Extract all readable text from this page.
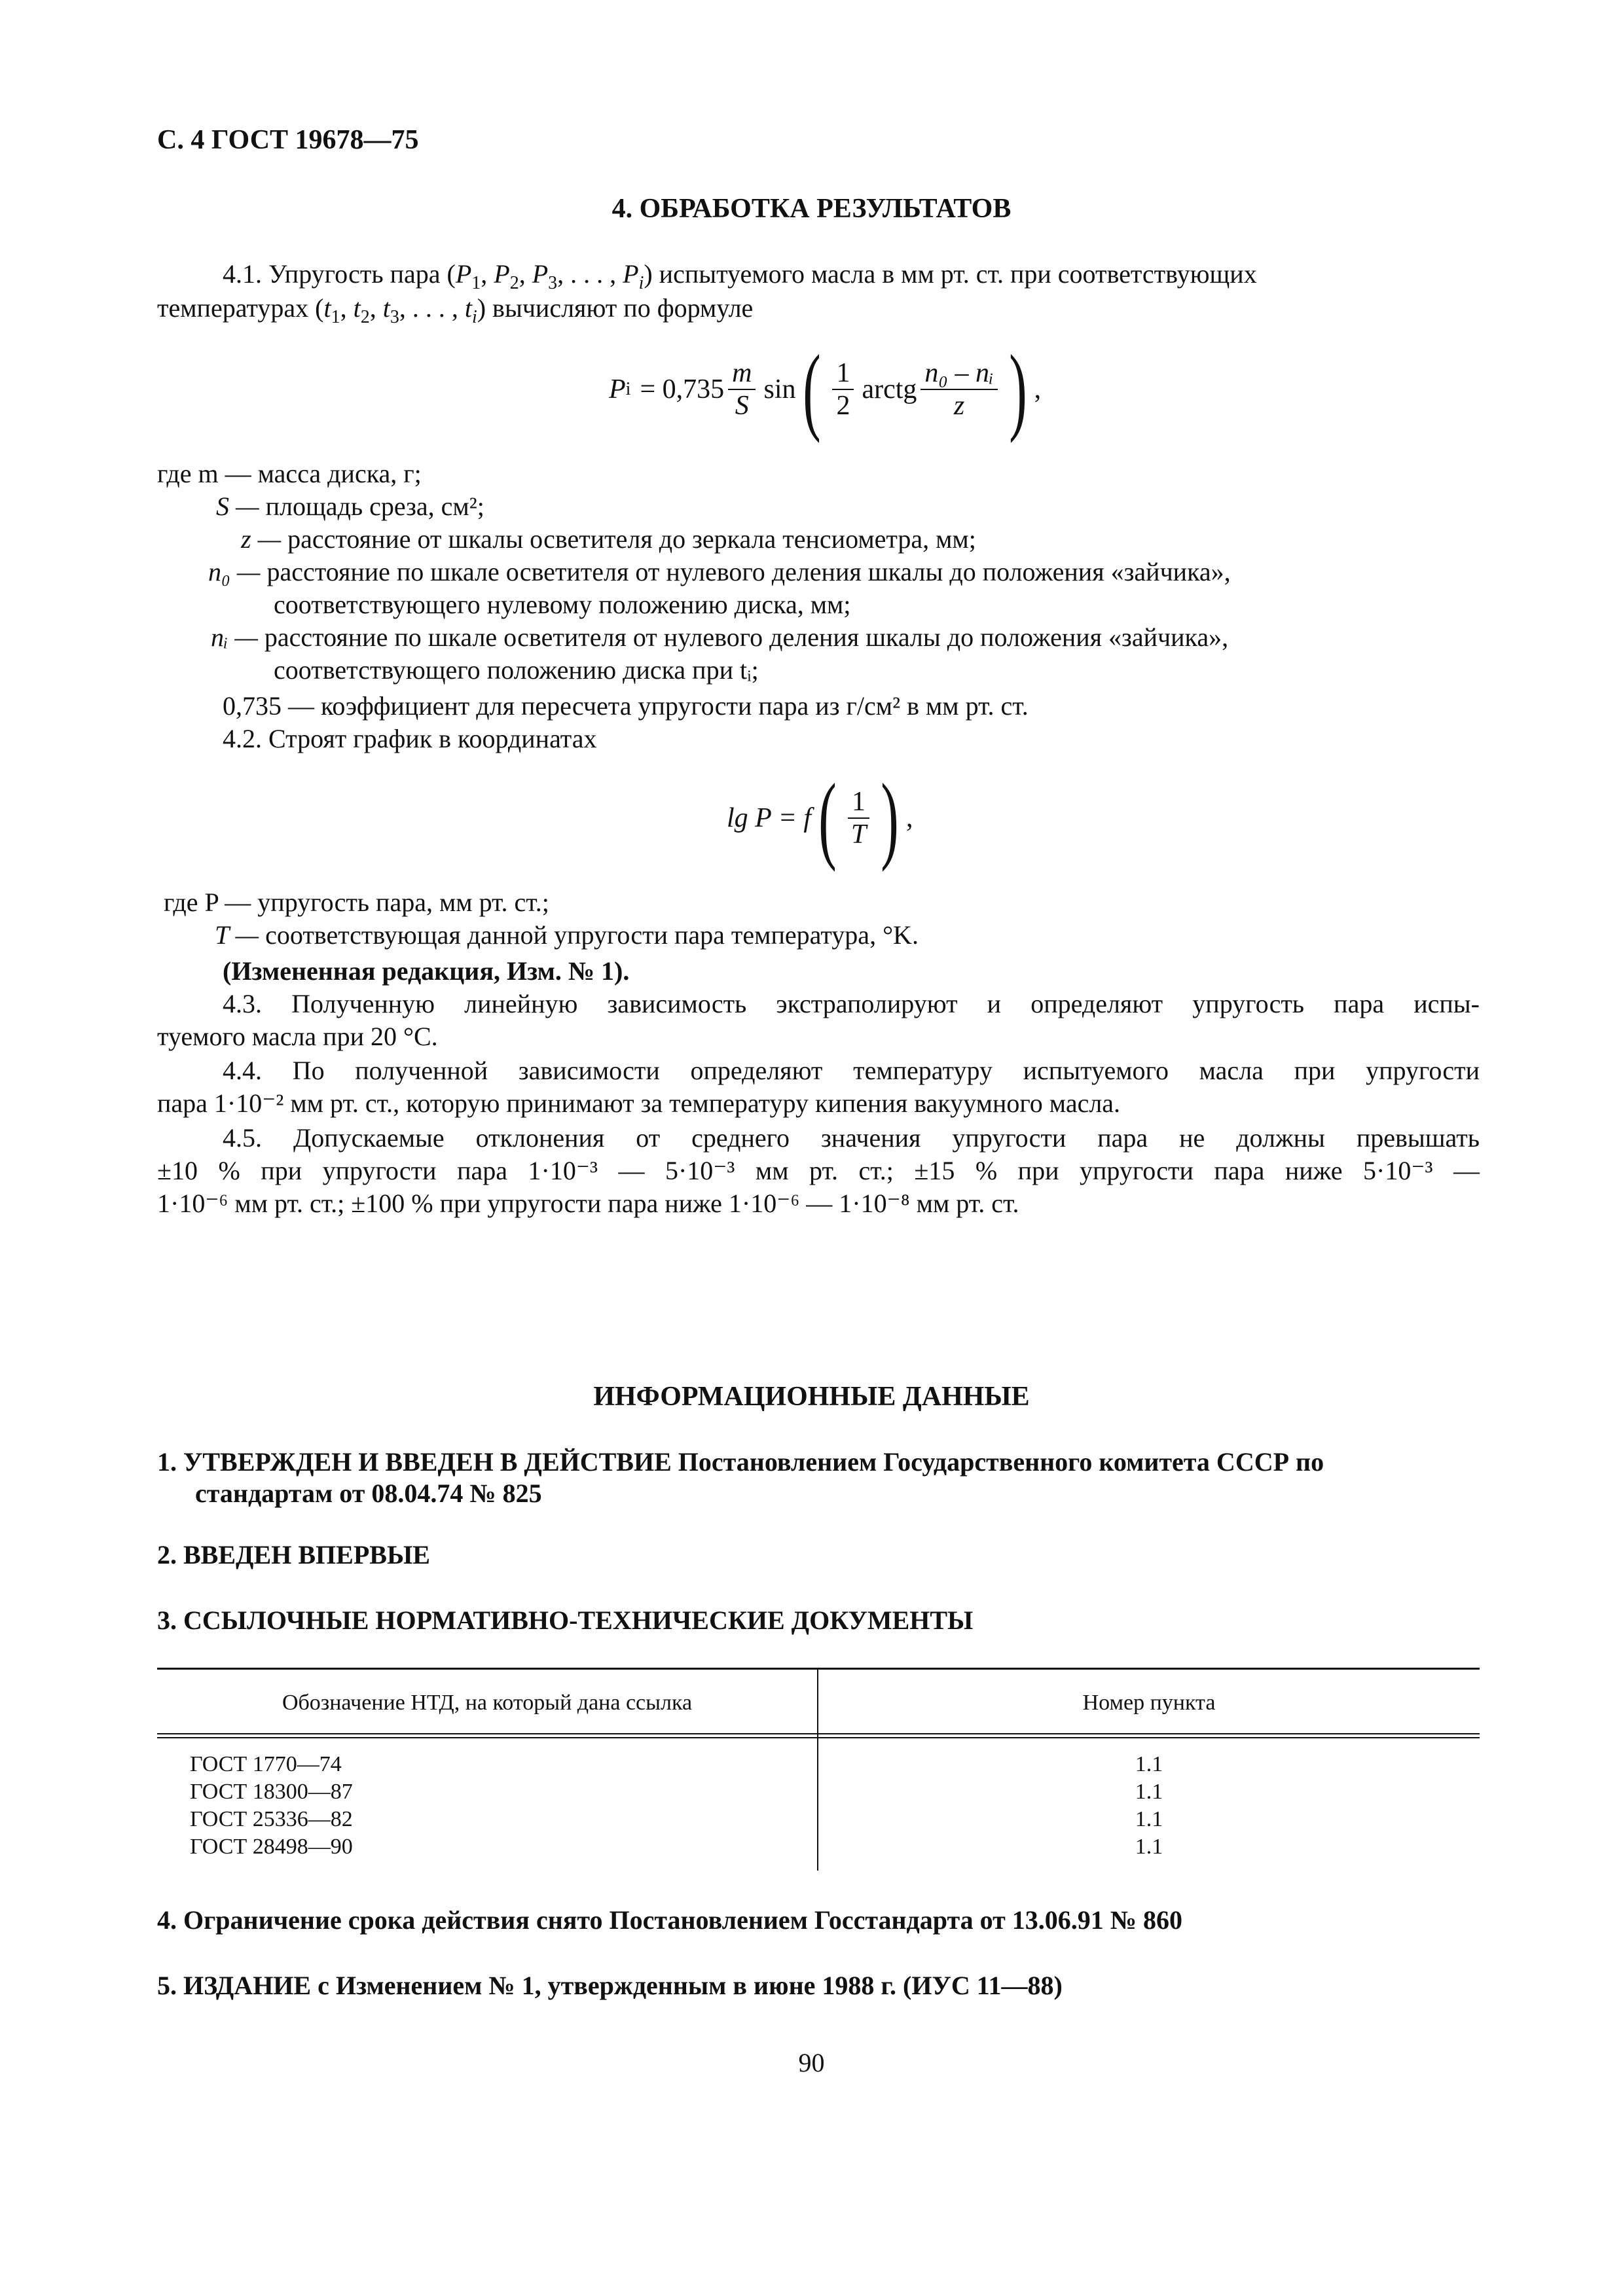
С. 4 ГОСТ 19678—75
4. ОБРАБОТКА РЕЗУЛЬТАТОВ
4.1. Упругость пара ($P_1$, $P_2$, $P_3$, . . . , $P_i$) испытуемого масла в мм рт. ст. при соответствующих
температурах ($t_1$, $t_2$, $t_3$, . . . , $t_i$) вычисляют по формуле
P $i = 0,735 \frac{m}{S}$ sin ( $\frac{1}{2}$ arctg $\frac{\text{n₀ – nᵢ}}{z}$ ) ,
где m — масса диска, г;
S — площадь среза, см²;
z — расстояние от шкалы осветителя до зеркала тенсиометра, мм;
n₀ — расстояние по шкале осветителя от нулевого деления шкалы до положения «зайчика»,
соответствующего нулевому положению диска, мм;
nᵢ — расстояние по шкале осветителя от нулевого деления шкалы до положения «зайчика»,
соответствующего положению диска при tᵢ;
0,735 — коэффициент для пересчета упругости пара из г/см² в мм рт. ст.
4.2. Строят график в координатах
lg P = f ( $\frac{1}{T}$ ) ,
где P — упругость пара, мм рт. ст.;
T — соответствующая данной упругости пара температура, °K.
(Измененная редакция, Изм. № 1).
4.3. Полученную линейную зависимость экстраполируют и определяют упругость пара испы-
туемого масла при 20 °С.
4.4. По полученной зависимости определяют температуру испытуемого масла при упругости
пара 1·10⁻² мм рт. ст., которую принимают за температуру кипения вакуумного масла.
4.5. Допускаемые отклонения от среднего значения упругости пара не должны превышать
±10 % при упругости пара 1·10⁻³ — 5·10⁻³ мм рт. ст.; ±15 % при упругости пара ниже 5·10⁻³ —
1·10⁻⁶ мм рт. ст.; ±100 % при упругости пара ниже 1·10⁻⁶ — 1·10⁻⁸ мм рт. ст.
ИНФОРМАЦИОННЫЕ ДАННЫЕ
1. УТВЕРЖДЕН И ВВЕДЕН В ДЕЙСТВИЕ Постановлением Государственного комитета СССР по
стандартам от 08.04.74 № 825
2. ВВЕДЕН ВПЕРВЫЕ
3. ССЫЛОЧНЫЕ НОРМАТИВНО-ТЕХНИЧЕСКИЕ ДОКУМЕНТЫ
Обозначение НТД, на который дана ссылка	Номер пункта
ГОСТ 1770—74	1.1
ГОСТ 18300—87	1.1
ГОСТ 25336—82	1.1
ГОСТ 28498—90	1.1
4. Ограничение срока действия снято Постановлением Госстандарта от 13.06.91 № 860
5. ИЗДАНИЕ с Изменением № 1, утвержденным в июне 1988 г. (ИУС 11—88)
90
